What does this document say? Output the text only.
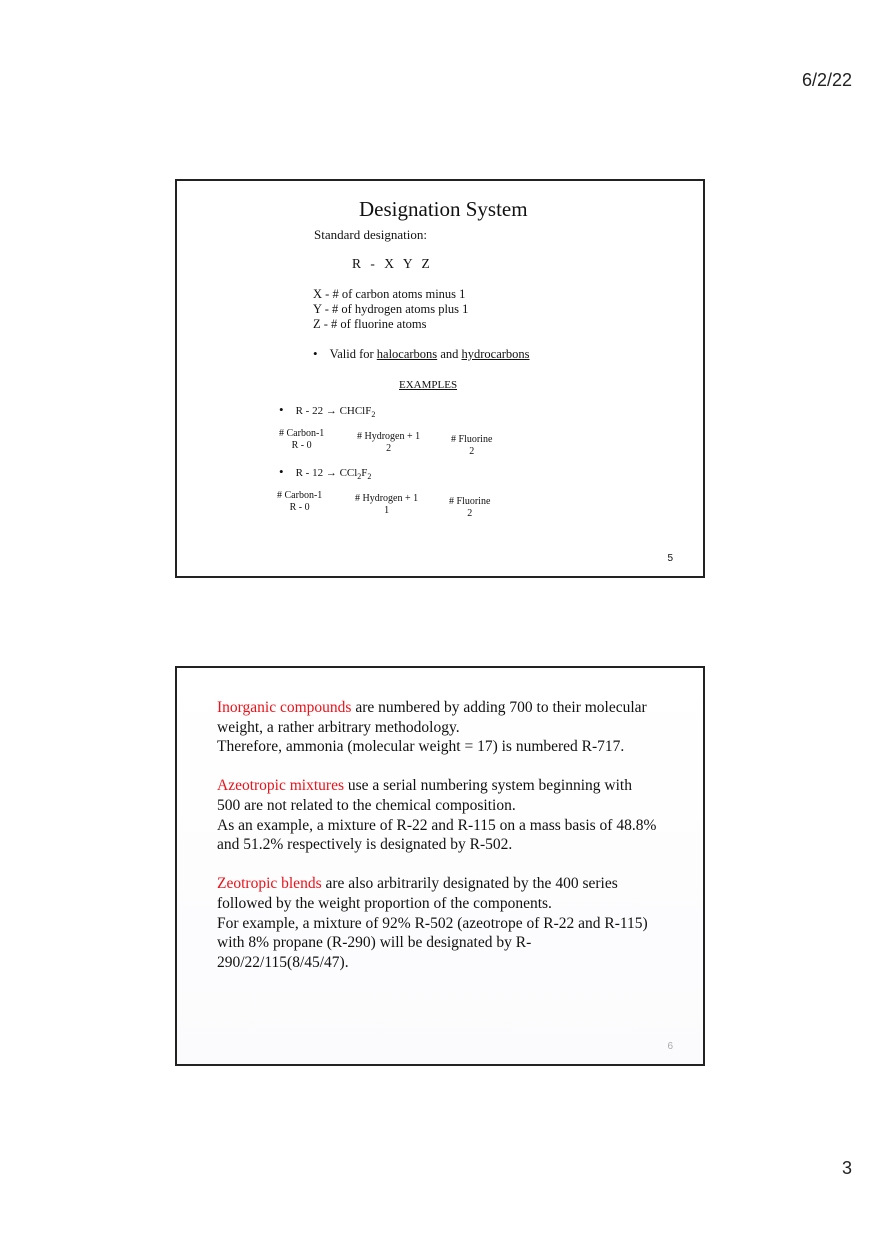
6/2/22
Designation System
Standard designation:
R - X Y Z
X - # of carbon atoms minus 1
Y - # of hydrogen atoms plus 1
Z - # of fluorine atoms
• Valid for halocarbons and hydrocarbons
EXAMPLES
• R - 22 → CHClF$_2$
# Carbon-1
R - 0
# Hydrogen + 1
2
# Fluorine
2
• $R - 12 \to CCl_2F_2$
# Carbon-1
R - 0
# Hydrogen + 1
1
# Fluorine
2
5

Inorganic compounds are numbered by adding 700 to their molecular weight, a rather arbitrary methodology.
Therefore, ammonia (molecular weight = 17) is numbered R-717.

Azeotropic mixtures use a serial numbering system beginning with 500 are not related to the chemical composition.
As an example, a mixture of R-22 and R-115 on a mass basis of 48.8% and 51.2% respectively is designated by R-502.

Zeotropic blends are also arbitrarily designated by the 400 series followed by the weight proportion of the components.
For example, a mixture of 92% R-502 (azeotrope of R-22 and R-115) with 8% propane (R-290) will be designated by R-290/22/115(8/45/47).

6
3
